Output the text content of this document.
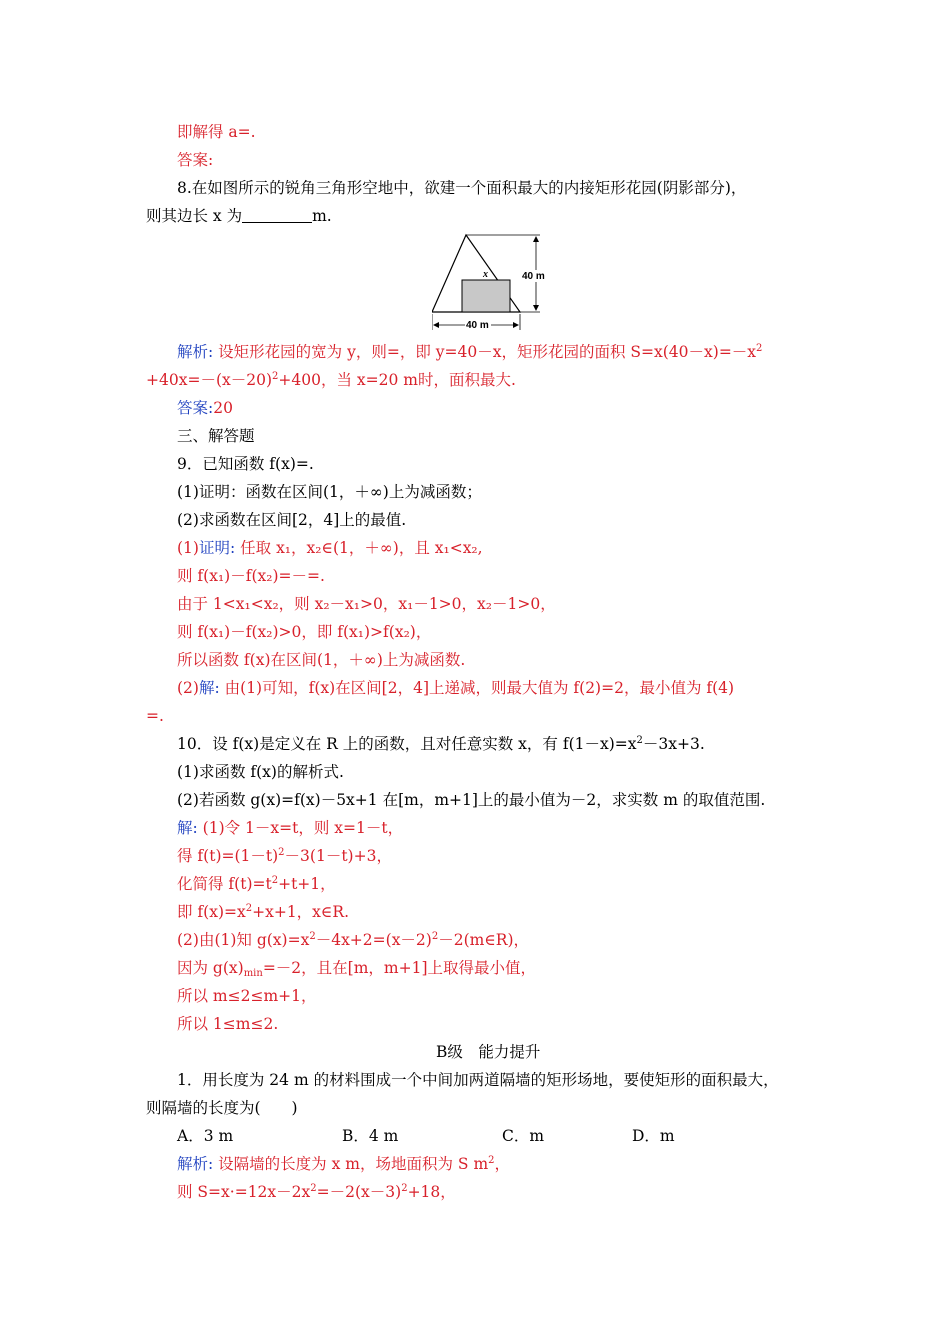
即解得 a=.
答案:
8.在如图所示的锐角三角形空地中，欲建一个面积最大的内接矩形花园(阴影部分)，
则其边长 x 为	m.
x	40 m
40 m
解析: 设矩形花园的宽为 y，则=，即 y=40－x，矩形花园的面积 $S=x(40-x)=-x^2$
$+40x=-(x-20)^2+400$，当 x=20 m时，面积最大.
答案:20
三、解答题
9．已知函数 f(x)=.
(1)证明：函数在区间(1，＋∞)上为减函数；
(2)求函数在区间[2，4]上的最值.
(1)证明: 任取 x₁，x₂∈(1，＋∞)，且 x₁<x₂,
则 f(x₁)－f(x₂)=－=.
由于 1<x₁<x₂，则 x₂－x₁>0，x₁－1>0，x₂－1>0，
则 f(x₁)－f(x₂)>0，即 f(x₁)>f(x₂)，
所以函数 f(x)在区间(1，＋∞)上为减函数.
(2)解: 由(1)可知，f(x)在区间[2，4]上递减，则最大值为 f(2)=2，最小值为 f(4)
=.
10．设 f(x)是定义在 R 上的函数，且对任意实数 x，有 $f(1-x)=x^2-3x+3$.
(1)求函数 f(x)的解析式.
(2)若函数 g(x)=f(x)－5x+1 在[m，m+1]上的最小值为－2，求实数 m 的取值范围.
解: (1)令 1－x=t，则 x=1－t，
得 $f(t)=(1-t)^2-3(1-t)+3$，
化简得 $f(t)=t^2+t+1$，
即 $f(x)=x^2+x+1$，x∈R.
(2)由(1)知 $g(x)=x^2-4x+2=(x-2)^2-2(m\in R)$，
因为 $g(x)_{min}=-2$，且在[m，m+1]上取得最小值，
所以 m≤2≤m+1，
所以 1≤m≤2.
B级　能力提升
1．用长度为 24 m 的材料围成一个中间加两道隔墙的矩形场地，要使矩形的面积最大，
则隔墙的长度为(　　)
A．3 m	B．4 m	C．m	D．m
解析: 设隔墙的长度为 x m，场地面积为 S $m^2$，
则 $S=x\cdot=12x-2x^2=-2(x-3)^2+18$，
